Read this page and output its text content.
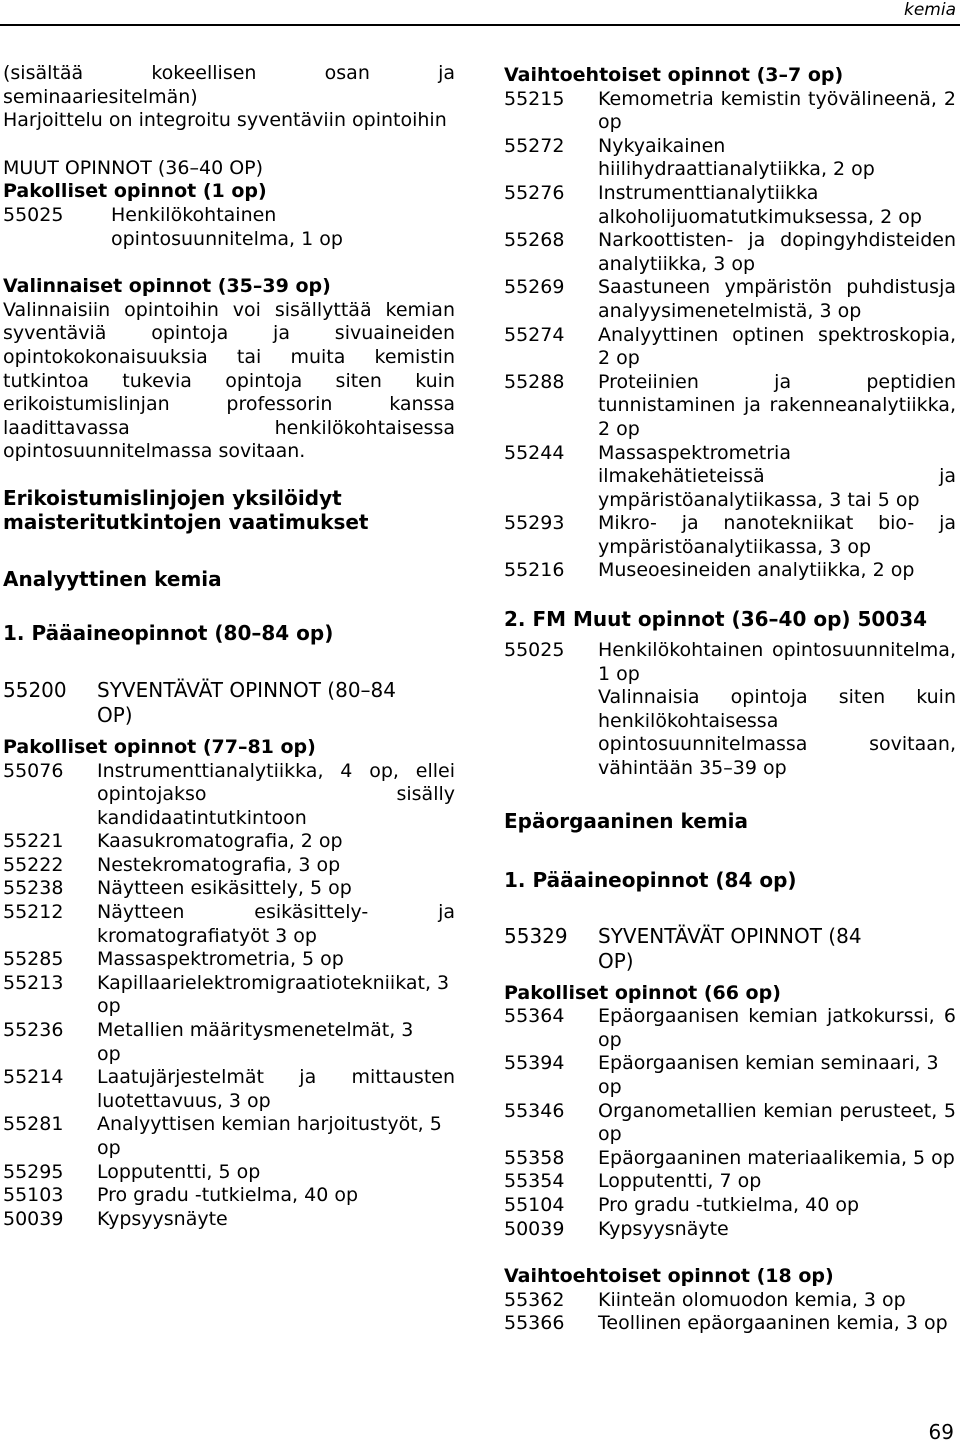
kemia

(sisältää kokeellisen osan ja seminaariesitelmän)

Harjoittelu on integroitu syventäviin opintoihin

MUUT OPINNOT (36–40 OP)

Pakolliset opinnot (1 op)

55025	Henkilökohtainen opintosuunnitelma, 1 op

Valinnaiset opinnot (35–39 op)

Valinnaisiin opintoihin voi sisällyttää kemian syventäviä opintoja ja sivuaineiden opintokokonaisuuksia tai muita kemistin tutkintoa tukevia opintoja siten kuin erikoistumislinjan professorin kanssa laadittavassa henkilökohtaisessa opintosuunnitelmassa sovitaan.

Erikoistumislinjojen yksilöidyt maisteritutkintojen vaatimukset

Analyyttinen kemia

1. Pääaineopinnot (80–84 op)

55200	SYVENTÄVÄT OPINNOT (80–84 OP)

Pakolliset opinnot (77–81 op)

55076	Instrumenttianalytiikka, 4 op, ellei opintojakso sisälly kandidaatintutkintoon
55221	Kaasukromatografia, 2 op
55222	Nestekromatografia, 3 op
55238	Näytteen esikäsittely, 5 op
55212	Näytteen esikäsittely- ja kromatografiatyöt 3 op
55285	Massaspektrometria, 5 op
55213	Kapillaarielektromigraatiotekniikat, 3 op
55236	Metallien määritysmenetelmät, 3 op
55214	Laatujärjestelmät ja mittausten luotettavuus, 3 op
55281	Analyyttisen kemian harjoitustyöt, 5 op
55295	Lopputentti, 5 op
55103	Pro gradu -tutkielma, 40 op
50039	Kypsyysnäyte

Vaihtoehtoiset opinnot (3–7 op)

55215	Kemometria kemistin työvälineenä, 2 op
55272	Nykyaikainen hiilihydraattianalytiikka, 2 op
55276	Instrumenttianalytiikka alkoholijuomatutkimuksessa, 2 op
55268	Narkoottisten- ja dopingyhdisteiden analytiikka, 3 op
55269	Saastuneen ympäristön puhdistusja analyysimenetelmistä, 3 op
55274	Analyyttinen optinen spektroskopia, 2 op
55288	Proteiinien ja peptidien tunnistaminen ja rakenneanalytiikka, 2 op
55244	Massaspektrometria ilmakehätieteissä ja ympäristöanalytiikassa, 3 tai 5 op
55293	Mikro- ja nanotekniikat bio- ja ympäristöanalytiikassa, 3 op
55216	Museoesineiden analytiikka, 2 op

2. FM Muut opinnot (36–40 op) 50034

55025	Henkilökohtainen opintosuunnitelma, 1 op
Valinnaisia opintoja siten kuin henkilökohtaisessa opintosuunnitelmassa sovitaan, vähintään 35–39 op

Epäorgaaninen kemia

1. Pääaineopinnot (84 op)

55329	SYVENTÄVÄT OPINNOT (84 OP)

Pakolliset opinnot (66 op)

55364	Epäorgaanisen kemian jatkokurssi, 6 op
55394	Epäorgaanisen kemian seminaari, 3 op
55346	Organometallien kemian perusteet, 5 op
55358	Epäorgaaninen materiaalikemia, 5 op
55354	Lopputentti, 7 op
55104	Pro gradu -tutkielma, 40 op
50039	Kypsyysnäyte

Vaihtoehtoiset opinnot (18 op)

55362	Kiinteän olomuodon kemia, 3 op
55366	Teollinen epäorgaaninen kemia, 3 op
69
